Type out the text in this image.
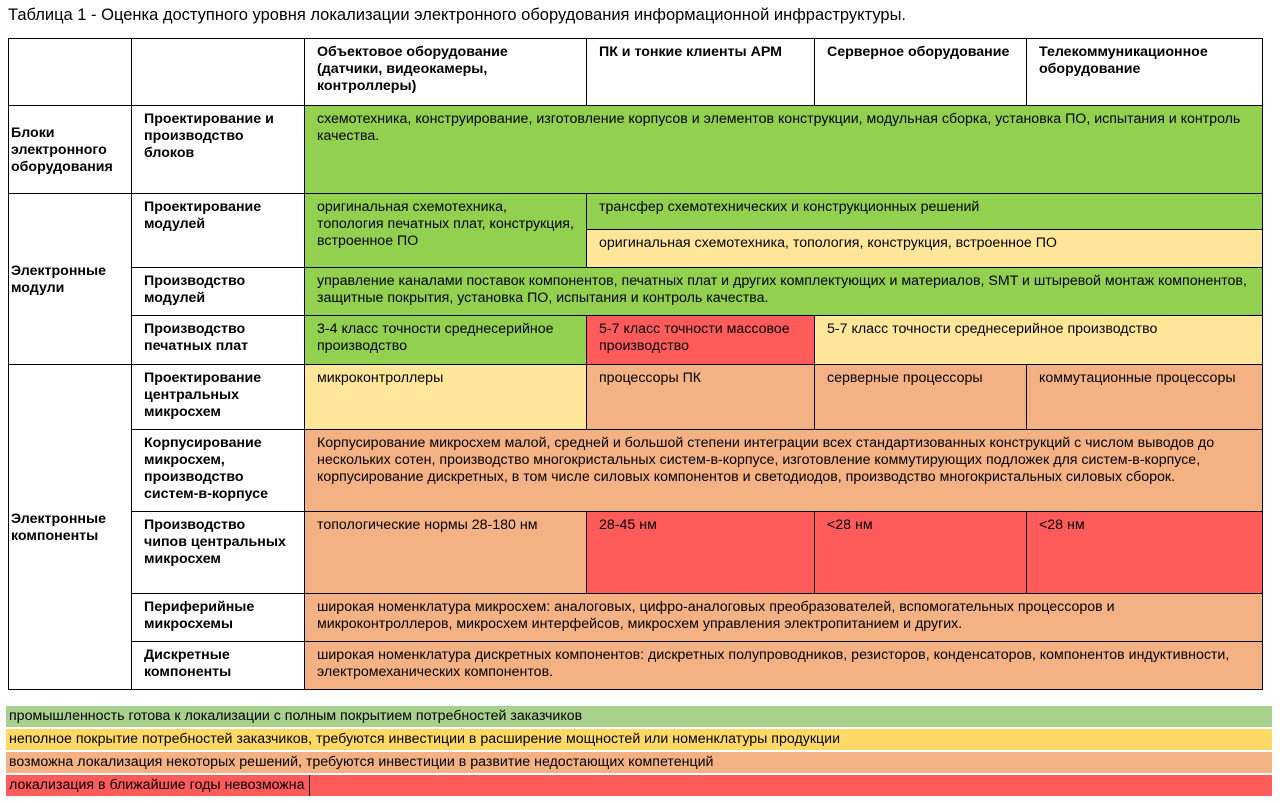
Таблица 1 - Оценка доступного уровня локализации электронного оборудования информационной инфраструктуры.
		Объектовое оборудование (датчики, видеокамеры, контроллеры)	ПК и тонкие клиенты АРМ	Серверное оборудование	Телекоммуникационное оборудование
Блоки электронного оборудования	Проектирование и производство блоков	схемотехника, конструирование, изготовление корпусов и элементов конструкции, модульная сборка, установка ПО, испытания и контроль качества.			
Электронные модули	Проектирование модулей	оригинальная схемотехника, топология печатных плат, конструкция, встроенное ПО	трансфер схемотехнических и конструкционных решений		
			оригинальная схемотехника, топология, конструкция, встроенное ПО		
	Производство модулей	управление каналами поставок компонентов, печатных плат и других комплектующих и материалов, SMT и штыревой монтаж компонентов, защитные покрытия, установка ПО, испытания и контроль качества.			
	Производство печатных плат	3-4 класс точности среднесерийное производство	5-7 класс точности массовое производство	5-7 класс точности среднесерийное производство	
Электронные компоненты	Проектирование центральных микросхем	микроконтроллеры	процессоры ПК	серверные процессоры	коммутационные процессоры
	Корпусирование микросхем, производство систем-в-корпусе	Корпусирование микросхем малой, средней и большой степени интеграции всех стандартизованных конструкций с числом выводов до нескольких сотен, производство многокристальных систем-в-корпусе, изготовление коммутирующих подложек для систем-в-корпусе, корпусирование дискретных, в том числе силовых компонентов и светодиодов, производство многокристальных силовых сборок.			
	Производство чипов центральных микросхем	топологические нормы 28-180 нм	28-45 нм	<28 нм	<28 нм
	Периферийные микросхемы	широкая номенклатура микросхем: аналоговых, цифро-аналоговых преобразователей, вспомогательных процессоров и микроконтроллеров, микросхем интерфейсов, микросхем управления электропитанием и других.			
	Дискретные компоненты	широкая номенклатура дискретных компонентов: дискретных полупроводников, резисторов, конденсаторов, компонентов индуктивности, электромеханических компонентов.			
промышленность готова к локализации с полным покрытием потребностей заказчиков
неполное покрытие потребностей заказчиков, требуются инвестиции в расширение мощностей или номенклатуры продукции
возможна локализация некоторых решений, требуются инвестиции в развитие недостающих компетенций
локализация в ближайшие годы невозможна
